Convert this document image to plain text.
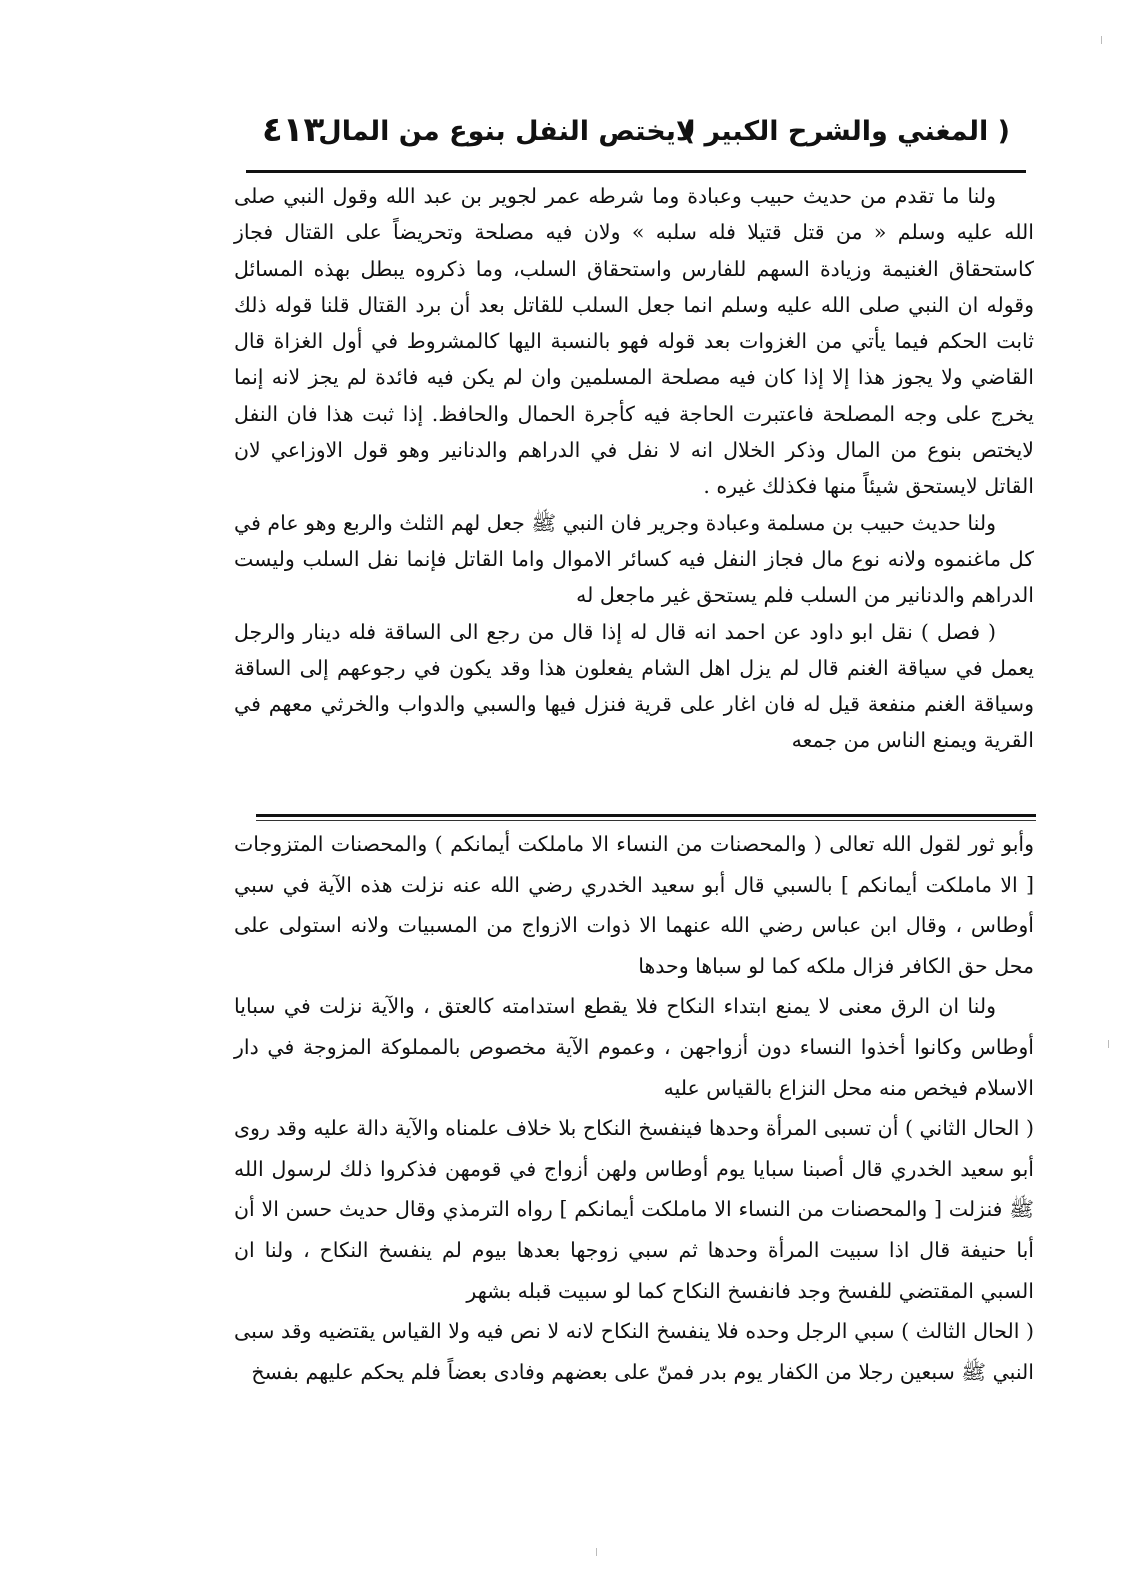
( المغني والشرح الكبير )
لايختص النفل بنوع من المال
٤١٣

ولنا ما تقدم من حديث حبيب وعبادة وما شرطه عمر لجوير بن عبد الله وقول النبي صلى الله عليه وسلم « من قتل قتيلا فله سلبه » ولان فيه مصلحة وتحريضاً على القتال فجاز كاستحقاق الغنيمة وزيادة السهم للفارس واستحقاق السلب، وما ذكروه يبطل بهذه المسائل وقوله ان النبي صلى الله عليه وسلم انما جعل السلب للقاتل بعد أن برد القتال قلنا قوله ذلك ثابت الحكم فيما يأتي من الغزوات بعد قوله فهو بالنسبة اليها كالمشروط في أول الغزاة قال القاضي ولا يجوز هذا إلا إذا كان فيه مصلحة المسلمين وان لم يكن فيه فائدة لم يجز لانه إنما يخرج على وجه المصلحة فاعتبرت الحاجة فيه كأجرة الحمال والحافظ. إذا ثبت هذا فان النفل لايختص بنوع من المال وذكر الخلال انه لا نفل في الدراهم والدنانير وهو قول الاوزاعي لان القاتل لايستحق شيئاً منها فكذلك غيره .

ولنا حديث حبيب بن مسلمة وعبادة وجرير فان النبي ﷺ جعل لهم الثلث والربع وهو عام في كل ماغنموه ولانه نوع مال فجاز النفل فيه كسائر الاموال واما القاتل فإنما نفل السلب وليست الدراهم والدنانير من السلب فلم يستحق غير ماجعل له

( فصل ) نقل ابو داود عن احمد انه قال له إذا قال من رجع الى الساقة فله دينار والرجل يعمل في سياقة الغنم قال لم يزل اهل الشام يفعلون هذا وقد يكون في رجوعهم إلى الساقة وسياقة الغنم منفعة قيل له فان اغار على قرية فنزل فيها والسبي والدواب والخرثي معهم في القرية ويمنع الناس من جمعه

وأبو ثور لقول الله تعالى ( والمحصنات من النساء الا ماملكت أيمانكم ) والمحصنات المتزوجات [ الا ماملكت أيمانكم ] بالسبي قال أبو سعيد الخدري رضي الله عنه نزلت هذه الآية في سبي أوطاس ، وقال ابن عباس رضي الله عنهما الا ذوات الازواج من المسبيات ولانه استولى على محل حق الكافر فزال ملكه كما لو سباها وحدها

ولنا ان الرق معنى لا يمنع ابتداء النكاح فلا يقطع استدامته كالعتق ، والآية نزلت في سبايا أوطاس وكانوا أخذوا النساء دون أزواجهن ، وعموم الآية مخصوص بالمملوكة المزوجة في دار الاسلام فيخص منه محل النزاع بالقياس عليه

( الحال الثاني ) أن تسبى المرأة وحدها فينفسخ النكاح بلا خلاف علمناه والآية دالة عليه وقد روى أبو سعيد الخدري قال أصبنا سبايا يوم أوطاس ولهن أزواج في قومهن فذكروا ذلك لرسول الله ﷺ فنزلت [ والمحصنات من النساء الا ماملكت أيمانكم ] رواه الترمذي وقال حديث حسن الا أن أبا حنيفة قال اذا سبيت المرأة وحدها ثم سبي زوجها بعدها بيوم لم ينفسخ النكاح ، ولنا ان السبي المقتضي للفسخ وجد فانفسخ النكاح كما لو سبيت قبله بشهر

( الحال الثالث ) سبي الرجل وحده فلا ينفسخ النكاح لانه لا نص فيه ولا القياس يقتضيه وقد سبى النبي ﷺ سبعين رجلا من الكفار يوم بدر فمنّ على بعضهم وفادى بعضاً فلم يحكم عليهم بفسخ
